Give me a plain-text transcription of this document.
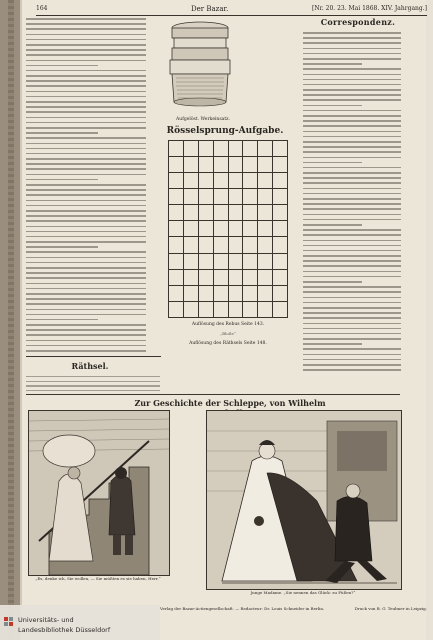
164	Der Bazar.	[Nr. 20. 23. Mai 1868. XIV. Jahrgang.]
Aufgelöst. Werkeinsatz.
Correspondenz.
Rösselsprung-Aufgabe.

Auflösung des Rebus Seite 143.
„Bloße“
Auflösung des Räthsels Seite 148.
Räthsel.
Zur Geschichte der Schleppe, von Wilhelm
„Es, denke ich, Sie wollen, — Sie müßten es sie haben, Herr.“
Junge Madame. „Sie nennen das Glück: zu Füßen?“
Verlag der Bazar-Actiengesellschaft. — Redacteur: Dr. Louis Schneider in Berlin.	Druck von B. G. Teubner in Leipzig.
Universitäts- und
Landesbibliothek Düsseldorf
